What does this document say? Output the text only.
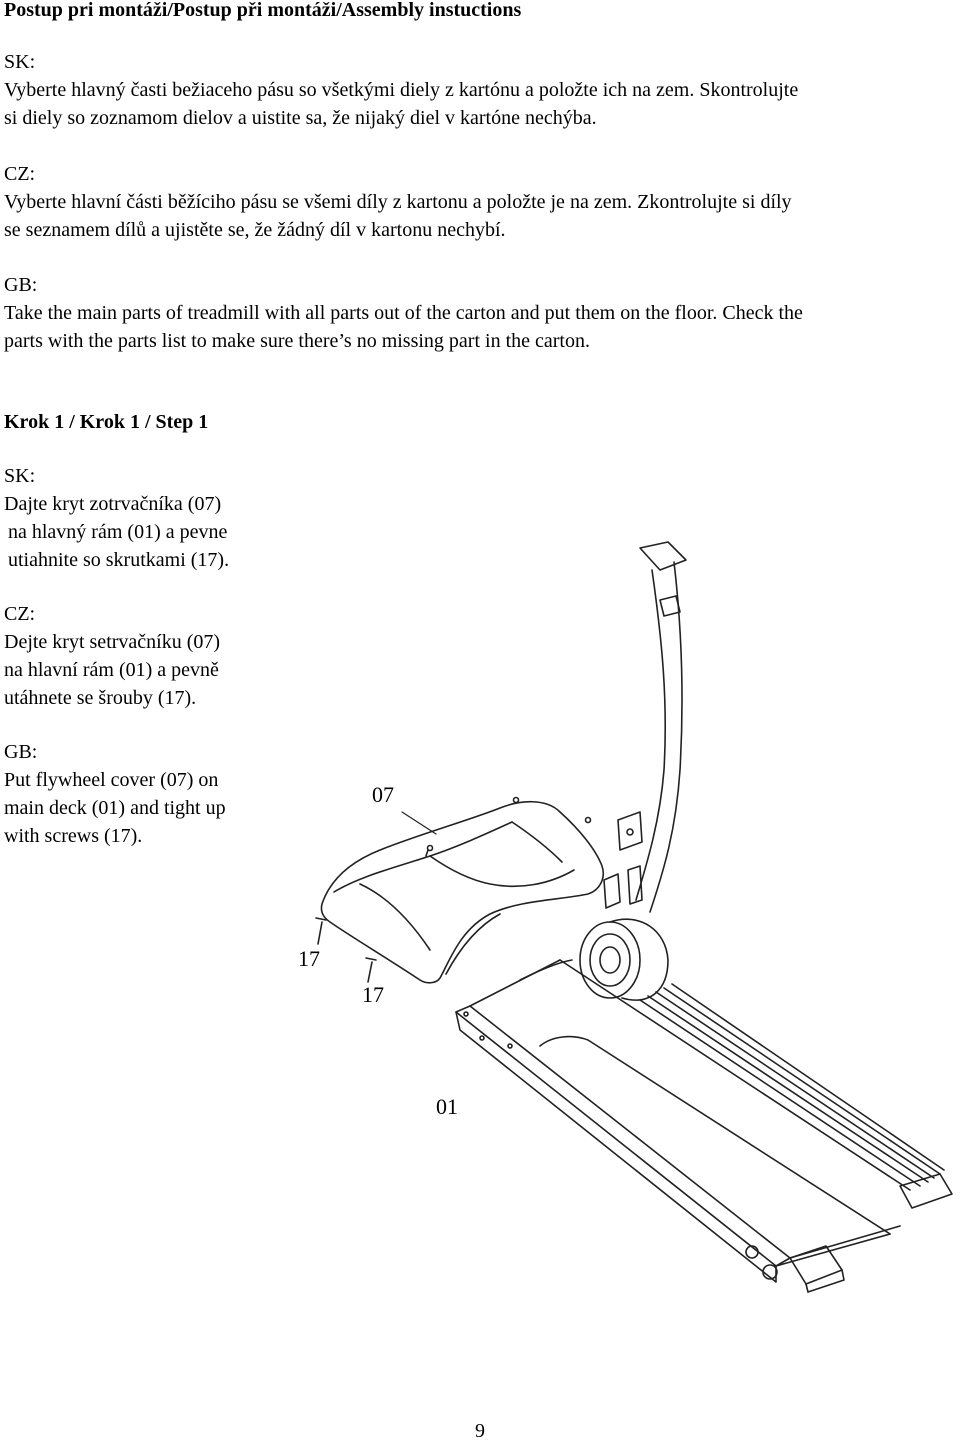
Postup pri montáži/Postup při montáži/Assembly instuctions
SK:
Vyberte hlavný časti bežiaceho pásu so všetkými diely z kartónu a položte ich na zem. Skontrolujte
si diely so zoznamom dielov a uistite sa, že nijaký diel v kartóne nechýba.
CZ:
Vyberte hlavní části běžíciho pásu se všemi díly z kartonu a položte je na zem. Zkontrolujte si díly
se seznamem dílů a ujistěte se, že žádný díl v kartonu nechybí.
GB:
Take the main parts of treadmill with all parts out of the carton and put them on the floor. Check the
parts with the parts list to make sure there’s no missing part in the carton.
Krok 1 / Krok 1 / Step 1
SK:
Dajte kryt zotrvačníka (07)
na hlavný rám (01) a pevne
utiahnite so skrutkami (17).
CZ:
Dejte kryt setrvačníku (07)
na hlavní rám (01) a pevně
utáhnete se šrouby (17).
GB:
Put flywheel cover (07) on
main deck (01) and tight up
with screws (17).
07
17
17
01
9
